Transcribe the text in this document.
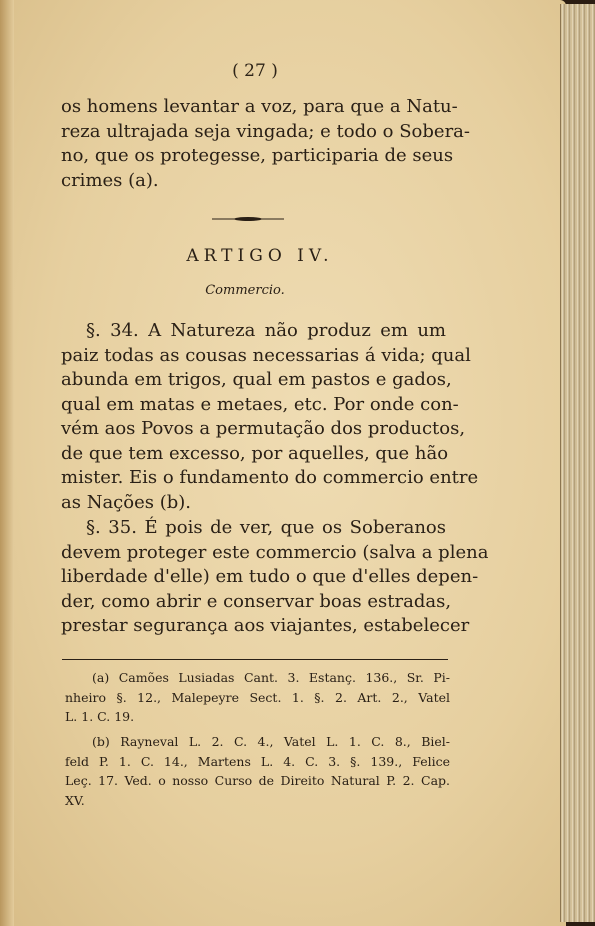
( 27 )
os homens levantar a voz, para que a Natu-
reza ultrajada seja vingada; e todo o Sobera-
no, que os protegesse, participaria de seus
crimes (a).
ARTIGO IV.
Commercio.
§. 34. A Natureza não produz em um
paiz todas as cousas necessarias á vida; qual
abunda em trigos, qual em pastos e gados,
qual em matas e metaes, etc. Por onde con-
vém aos Povos a permutação dos productos,
de que tem excesso, por aquelles, que hão
mister. Eis o fundamento do commercio entre
as Nações (b).
§. 35. É pois de ver, que os Soberanos
devem proteger este commercio (salva a plena
liberdade d'elle) em tudo o que d'elles depen-
der, como abrir e conservar boas estradas,
prestar segurança aos viajantes, estabelecer
(a) Camões Lusiadas Cant. 3. Estanç. 136., Sr. Pi-
nheiro §. 12., Malepeyre Sect. 1. §. 2. Art. 2., Vatel
L. 1. C. 19.
(b) Rayneval L. 2. C. 4., Vatel L. 1. C. 8., Biel-
feld P. 1. C. 14., Martens L. 4. C. 3. §. 139., Felice
Leç. 17. Ved. o nosso Curso de Direito Natural P. 2. Cap.
XV.
